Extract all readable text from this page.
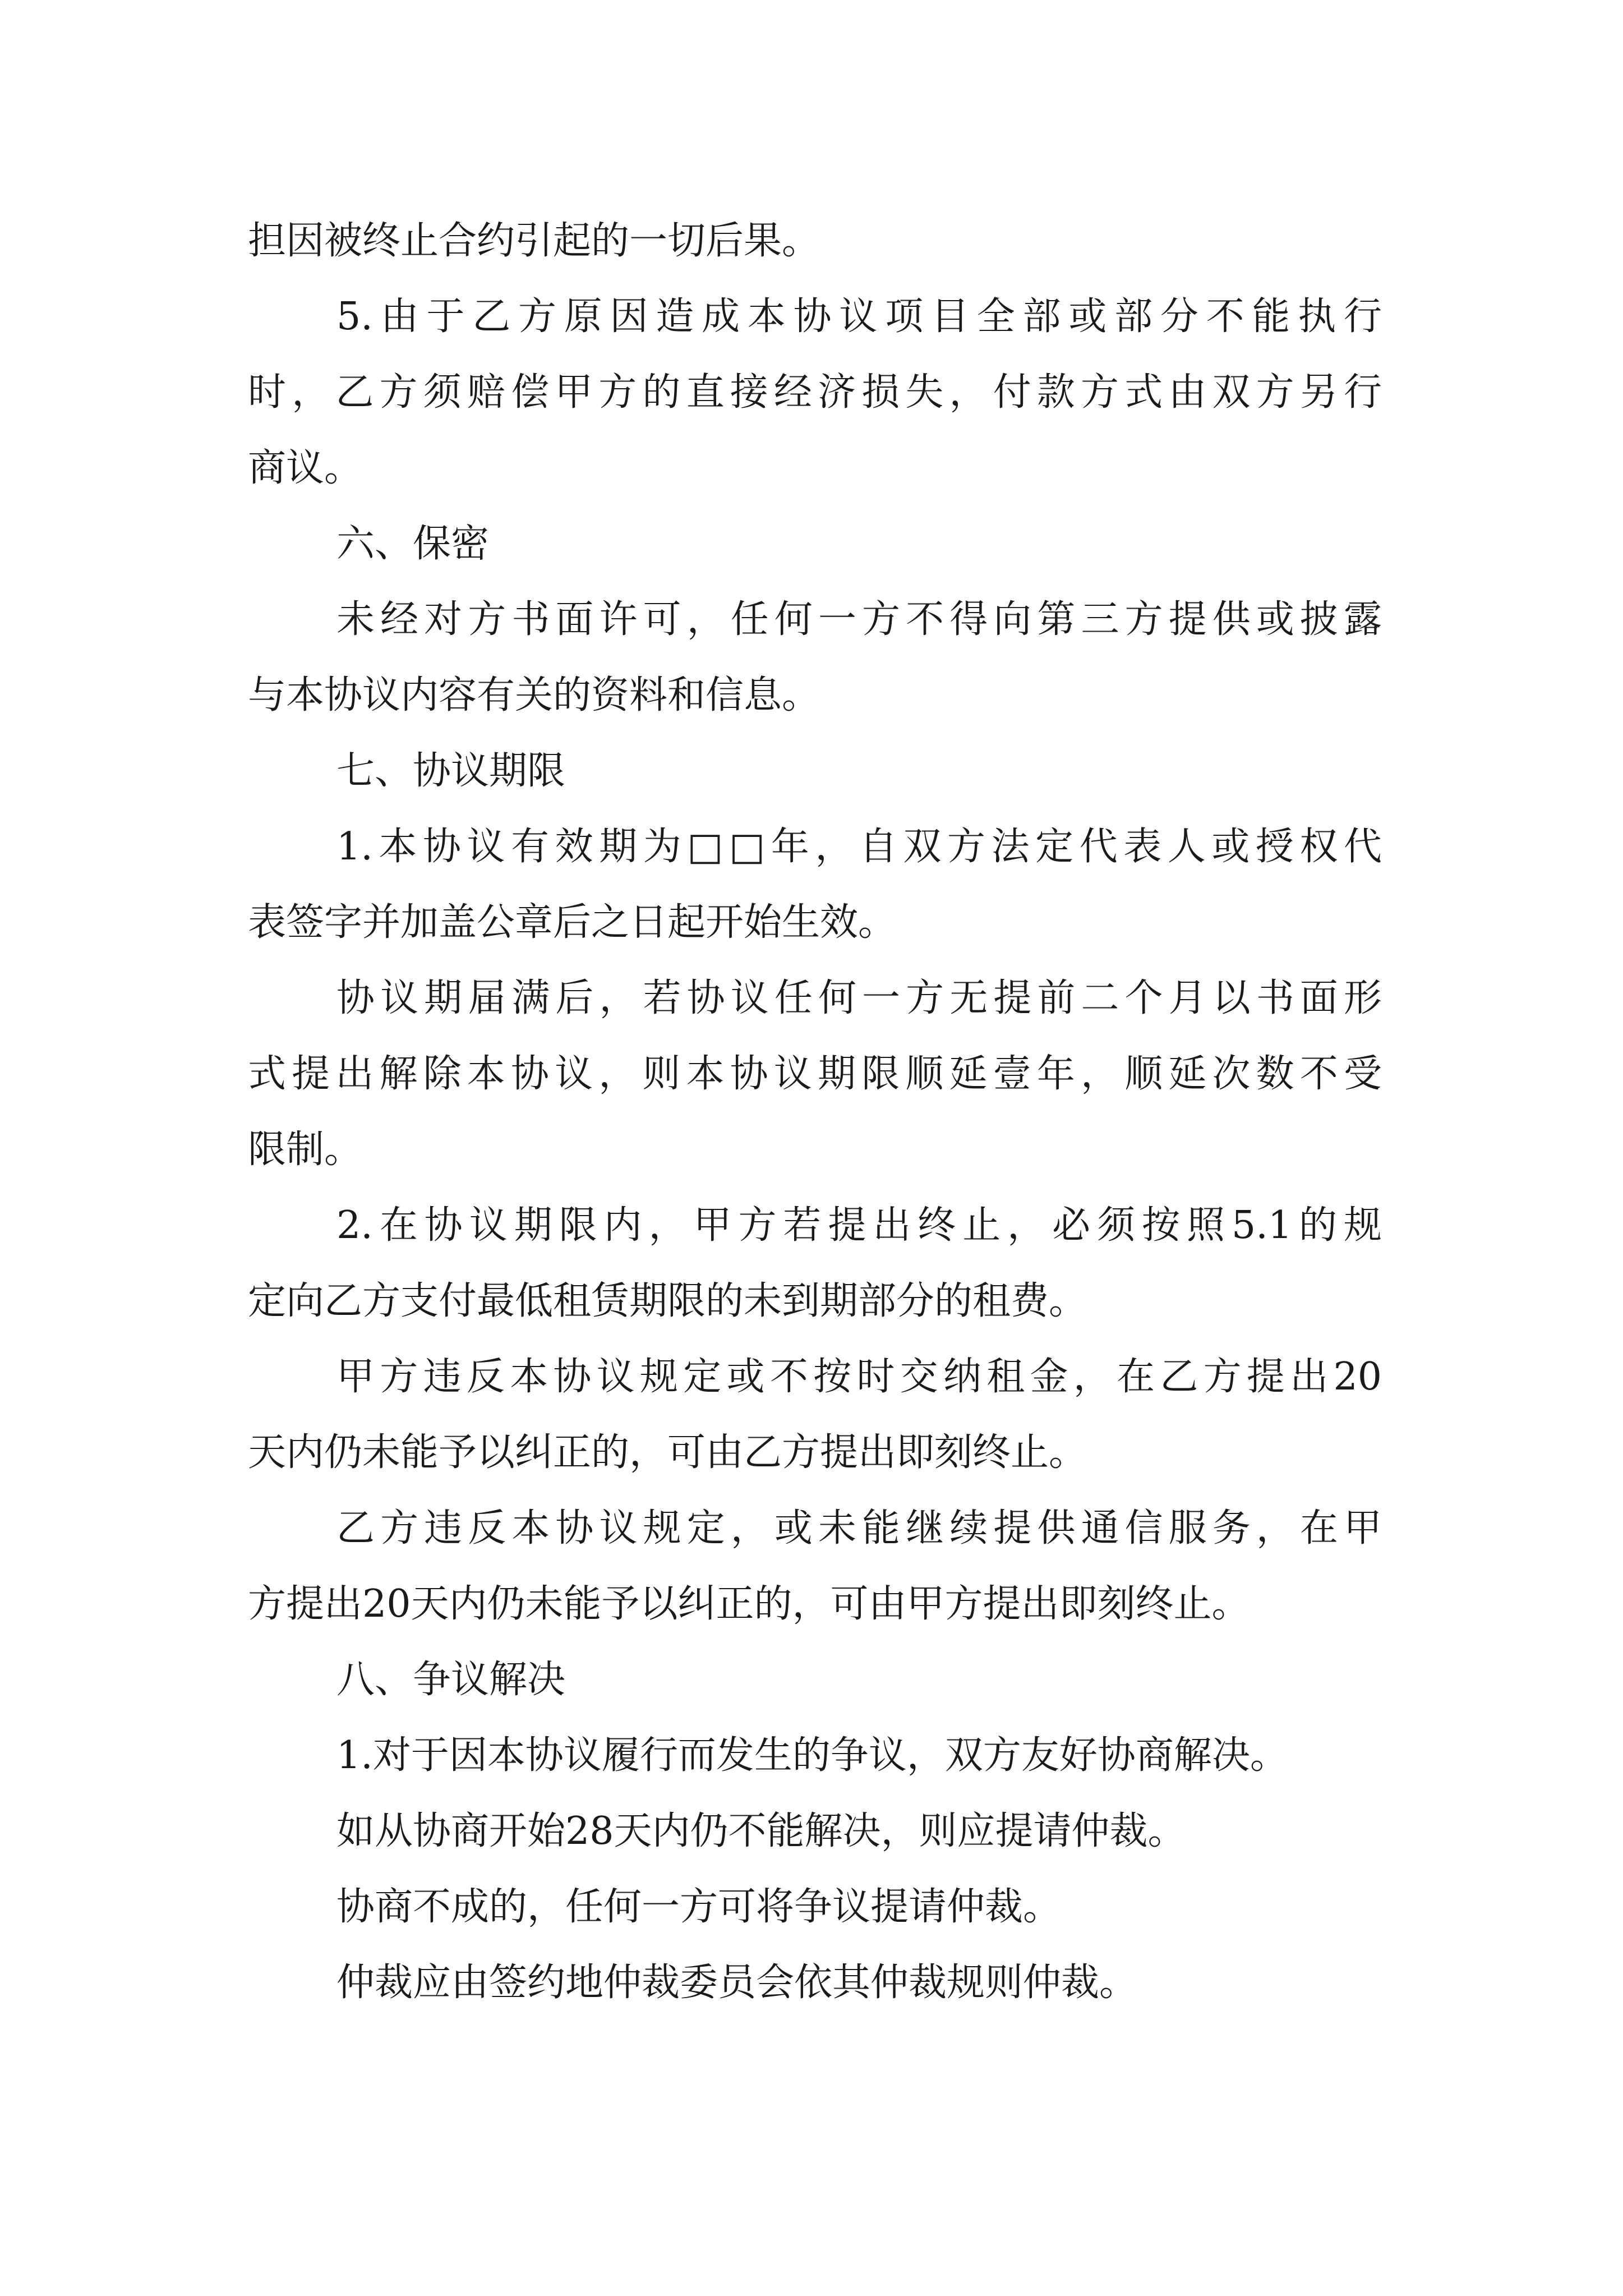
担因被终止合约引起的一切后果。
5.由于乙方原因造成本协议项目全部或部分不能执行
时，乙方须赔偿甲方的直接经济损失，付款方式由双方另行
商议。
六、保密
未经对方书面许可，任何一方不得向第三方提供或披露
与本协议内容有关的资料和信息。
七、协议期限
1.本协议有效期为□□年，自双方法定代表人或授权代
表签字并加盖公章后之日起开始生效。
协议期届满后，若协议任何一方无提前二个月以书面形
式提出解除本协议，则本协议期限顺延壹年，顺延次数不受
限制。
2.在协议期限内，甲方若提出终止，必须按照5.1的规
定向乙方支付最低租赁期限的未到期部分的租费。
甲方违反本协议规定或不按时交纳租金，在乙方提出20
天内仍未能予以纠正的，可由乙方提出即刻终止。
乙方违反本协议规定，或未能继续提供通信服务，在甲
方提出20天内仍未能予以纠正的，可由甲方提出即刻终止。
八、争议解决
1.对于因本协议履行而发生的争议，双方友好协商解决。
如从协商开始28天内仍不能解决，则应提请仲裁。
协商不成的，任何一方可将争议提请仲裁。
仲裁应由签约地仲裁委员会依其仲裁规则仲裁。
